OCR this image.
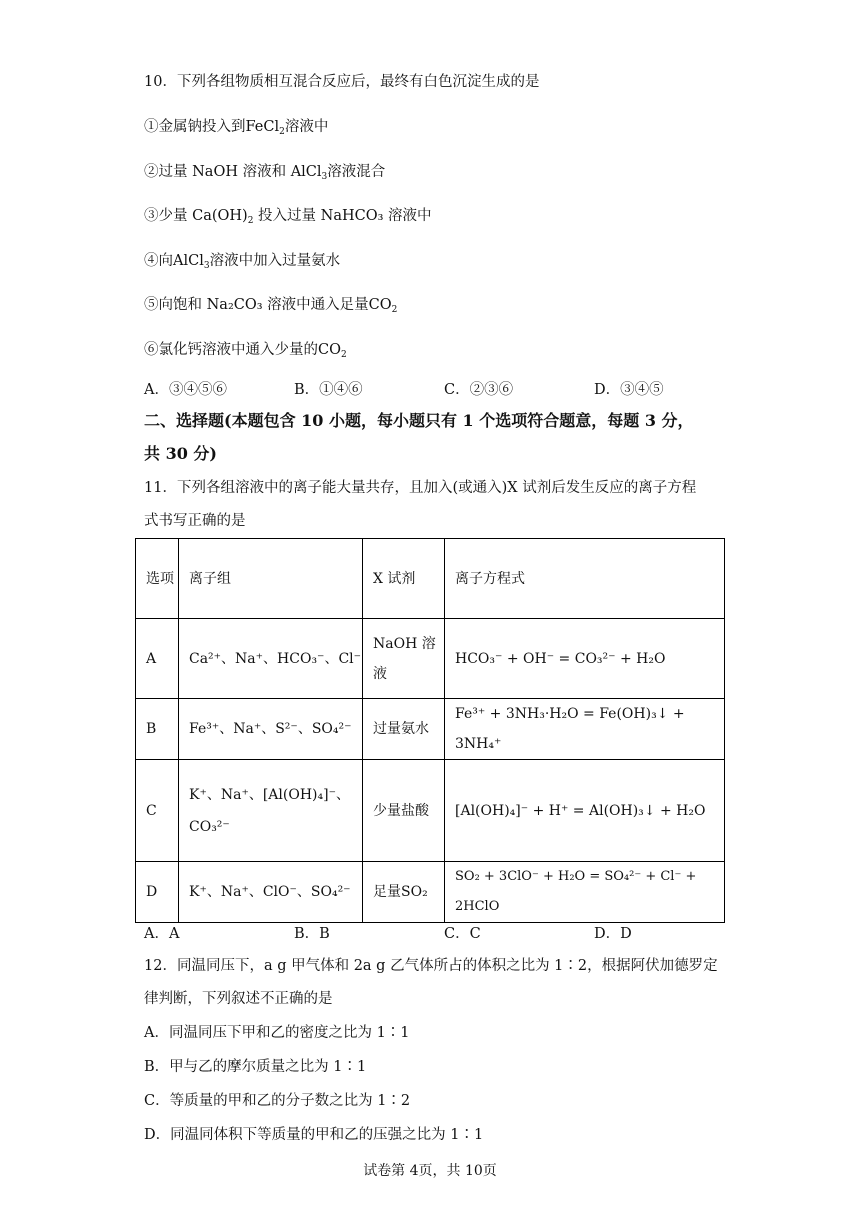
10．下列各组物质相互混合反应后，最终有白色沉淀生成的是
①金属钠投入到FeCl$_2$溶液中
②过量 NaOH 溶液和 AlCl$_3$溶液混合
③少量 $Ca(OH)_2$ 投入过量 NaHCO₃ 溶液中
④向AlCl$_3$溶液中加入过量氨水
⑤向饱和 Na₂CO₃ 溶液中通入足量$CO_2$
⑥氯化钙溶液中通入少量的$CO_2$
A．③④⑤⑥	B．①④⑥	C．②③⑥	D．③④⑤
二、选择题(本题包含 10 小题，每小题只有 1 个选项符合题意，每题 3 分，
共 30 分)
11．下列各组溶液中的离子能大量共存，且加入(或通入)X 试剂后发生反应的离子方程
式书写正确的是
选项	离子组	X 试剂	离子方程式
A	Ca²⁺、Na⁺、HCO₃⁻、Cl⁻	NaOH 溶液	HCO₃⁻ + OH⁻ = CO₃²⁻ + H₂O
B	Fe³⁺、Na⁺、S²⁻、SO₄²⁻	过量氨水	Fe³⁺ + 3NH₃·H₂O = Fe(OH)₃↓ + 3NH₄⁺
C	K⁺、Na⁺、[Al(OH)₄]⁻、CO₃²⁻	少量盐酸	[Al(OH)₄]⁻ + H⁺ = Al(OH)₃↓ + H₂O
D	K⁺、Na⁺、ClO⁻、SO₄²⁻	足量SO₂	SO₂ + 3ClO⁻ + H₂O = SO₄²⁻ + Cl⁻ + 2HClO
A．A	B．B	C．C	D．D
12．同温同压下，a g 甲气体和 2a g 乙气体所占的体积之比为 1∶2，根据阿伏加德罗定
律判断，下列叙述不正确的是
A．同温同压下甲和乙的密度之比为 1∶1
B．甲与乙的摩尔质量之比为 1∶1
C．等质量的甲和乙的分子数之比为 1∶2
D．同温同体积下等质量的甲和乙的压强之比为 1∶1
试卷第 4页，共 10页
